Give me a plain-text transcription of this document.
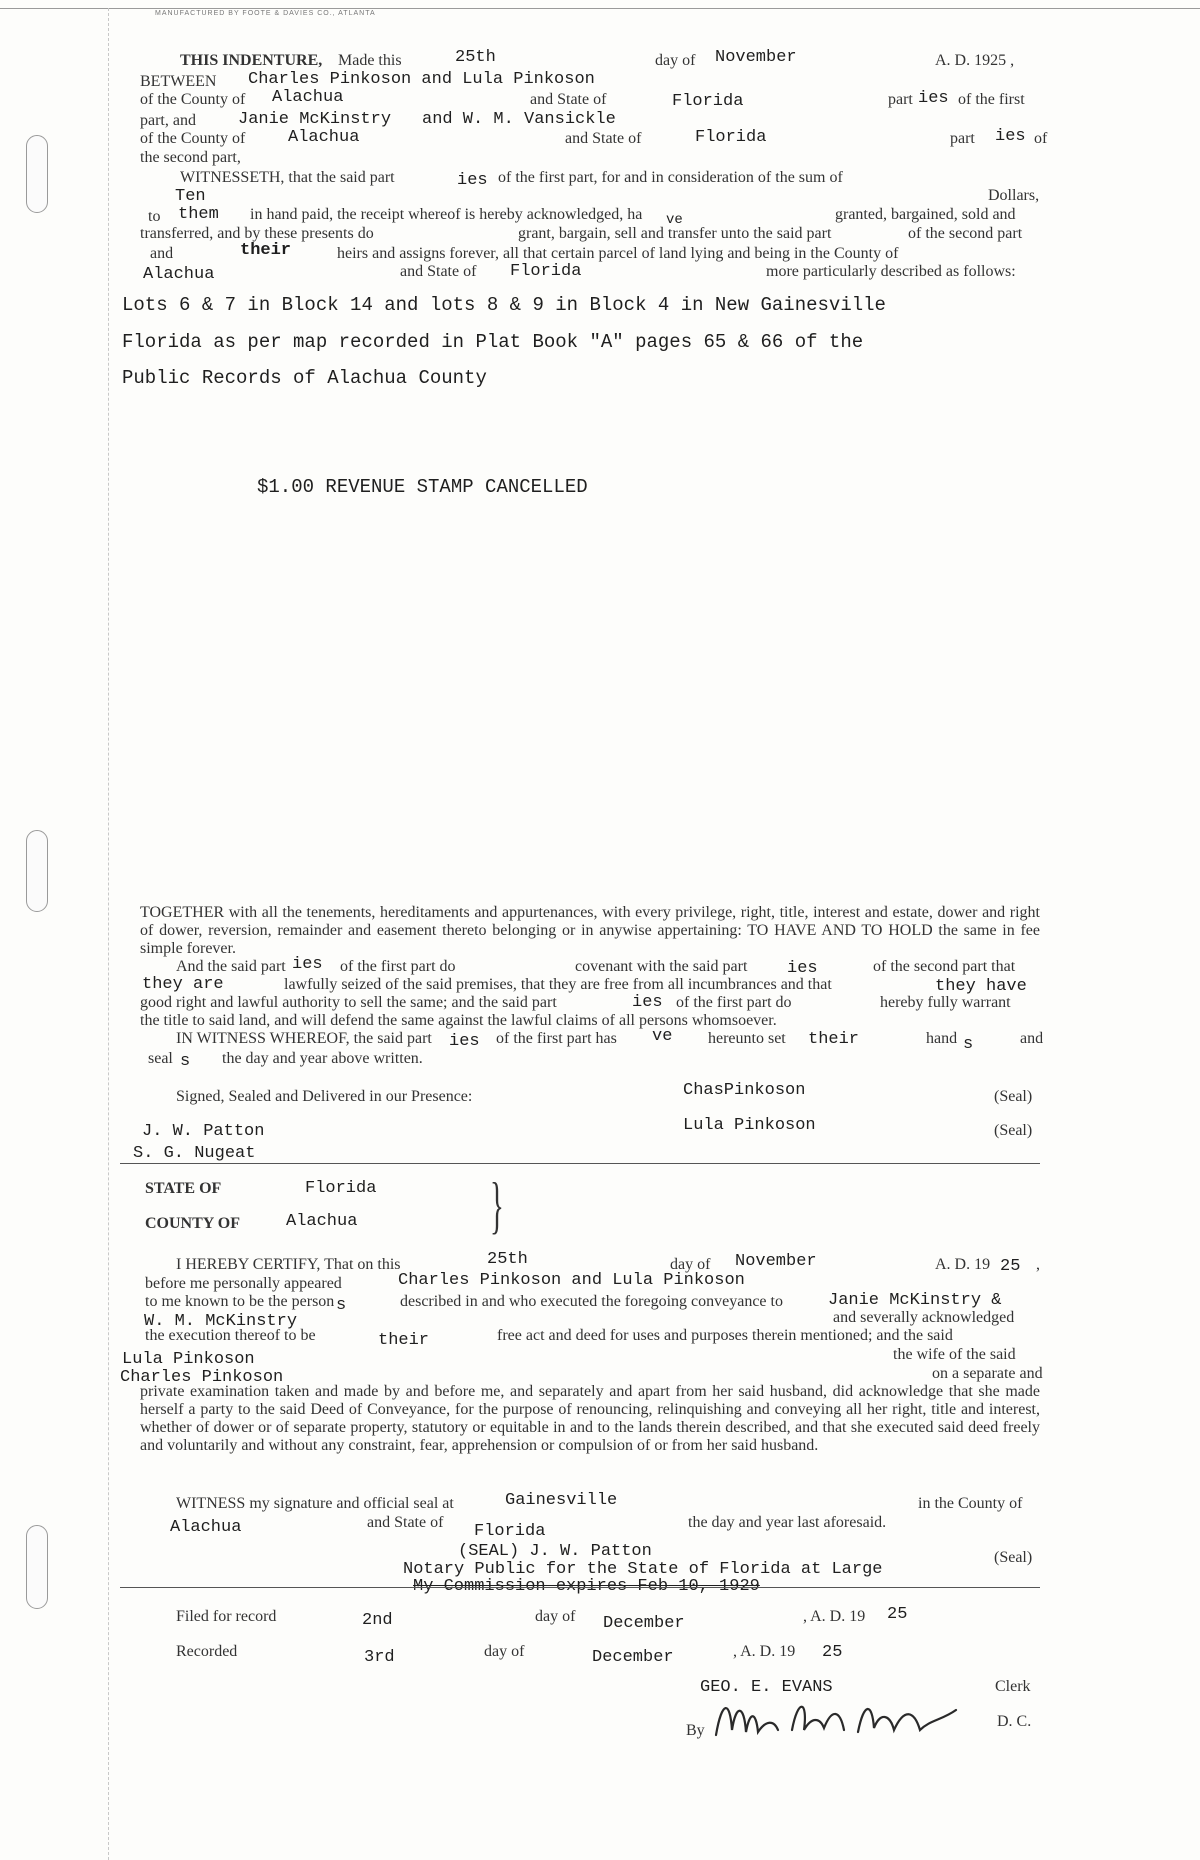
MANUFACTURED BY FOOTE & DAVIES CO., ATLANTA
THIS INDENTURE, Made this	25th	day of November	A. D. 1925 ,
BETWEEN Charles Pinkoson and Lula Pinkoson
of the County of Alachua	and State of	Florida	part ies of the first
part, and Janie McKinstry and W. M. Vansickle
of the County of	Alachua	and State of	Florida	part ies of
the second part,
WITNESSETH, that the said part	ies of the first part, for and in consideration of the sum of
Ten	Dollars,
to them in hand paid, the receipt whereof is hereby acknowledged, ha ve	granted, bargained, sold and
transferred, and by these presents do	grant, bargain, sell and transfer unto the said part	of the second part
and	their	heirs and assigns forever, all that certain parcel of land lying and being in the County of
Alachua	and State of Florida	more particularly described as follows:
Lots 6 & 7 in Block 14 and lots 8 & 9 in Block 4 in New Gainesville
Florida as per map recorded in Plat Book "A" pages 65 & 66 of the
Public Records of Alachua County
$1.00 REVENUE STAMP CANCELLED
TOGETHER with all the tenements, hereditaments and appurtenances, with every privilege, right, title, interest and estate, dower and right of dower, reversion, remainder and easement thereto belonging or in anywise appertaining: TO HAVE AND TO HOLD the same in fee simple forever.
And the said part ies of the first part do	covenant with the said part ies	of the second part that
they are	lawfully seized of the said premises, that they are free from all incumbrances and that	they have
good right and lawful authority to sell the same; and the said part	ies of the first part do	hereby fully warrant
the title to said land, and will defend the same against the lawful claims of all persons whomsoever.
IN WITNESS WHEREOF, the said part ies of the first part has ve hereunto set their	hand s	and
seal s the day and year above written.
Signed, Sealed and Delivered in our Presence:	ChasPinkoson	(Seal)
Lula Pinkoson	(Seal)
J. W. Patton
S. G. Nugeat
STATE OF	Florida
COUNTY OF	Alachua }
I HEREBY CERTIFY, That on this	25th	day of November	A. D. 19 25 ,
before me personally appeared	Charles Pinkoson and Lula Pinkoson
to me known to be the person s	described in and who executed the foregoing conveyance to	Janie McKinstry &
W. M. McKinstry	and severally acknowledged
the execution thereof to be	their	free act and deed for uses and purposes therein mentioned; and the said
Lula Pinkoson	the wife of the said
Charles Pinkoson	on a separate and
private examination taken and made by and before me, and separately and apart from her said husband, did acknowledge that she made herself a party to the said Deed of Conveyance, for the purpose of renouncing, relinquishing and conveying all her right, title and interest, whether of dower or of separate property, statutory or equitable in and to the lands therein described, and that she executed said deed freely and voluntarily and without any constraint, fear, apprehension or compulsion of or from her said husband.
WITNESS my signature and official seal at	Gainesville	in the County of
Alachua	and State of Florida	the day and year last aforesaid.
(SEAL) J. W. Patton
Notary Public for the State of Florida at Large
(Seal)
My Commission expires Feb 10, 1929
Filed for record	2nd	day of December	, A. D. 19 25
Recorded	3rd	day of	December	, A. D. 19 25
GEO. E. EVANS	Clerk
By
D. C.
